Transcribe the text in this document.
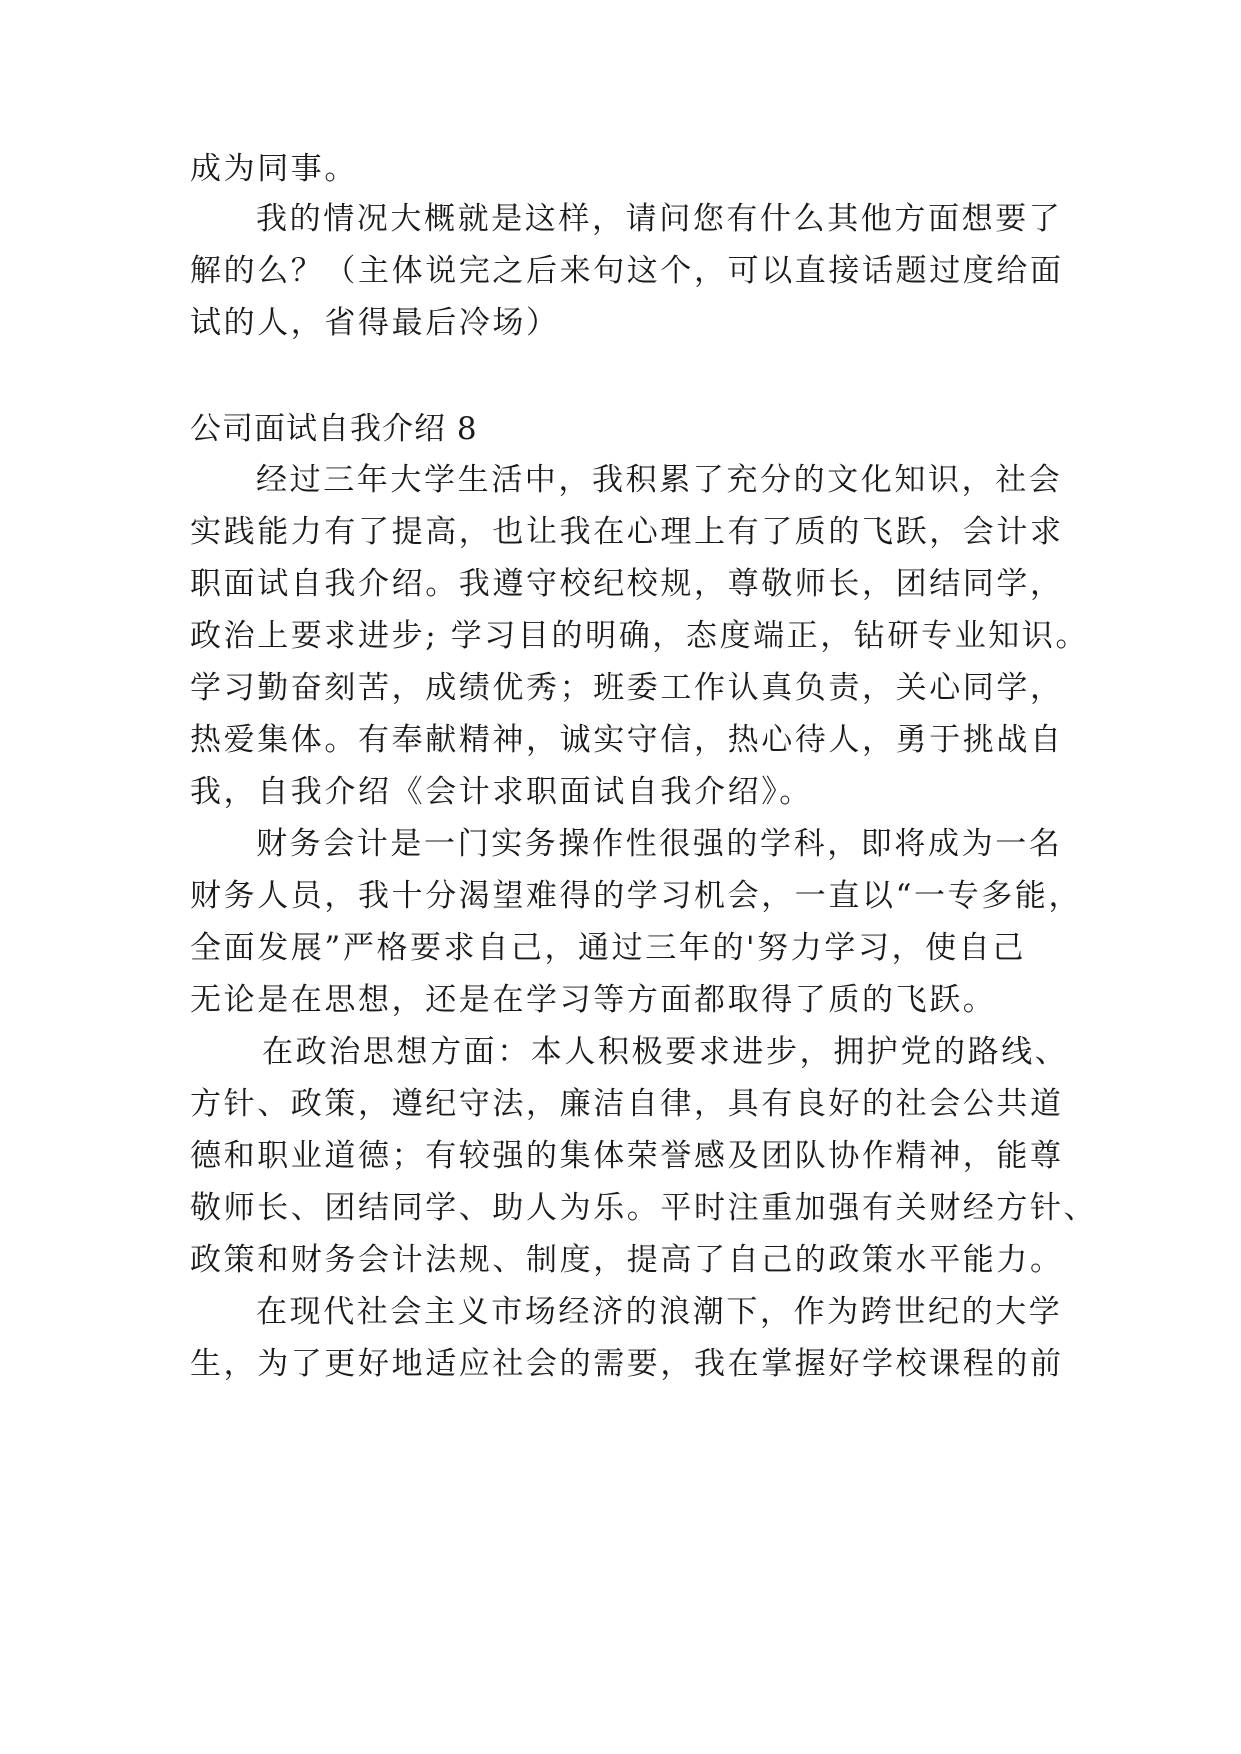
成为同事。
我的情况大概就是这样，请问您有什么其他方面想要了
解的么？（主体说完之后来句这个，可以直接话题过度给面
试的人，省得最后冷场）
公司面试自我介绍 8
经过三年大学生活中，我积累了充分的文化知识，社会
实践能力有了提高，也让我在心理上有了质的飞跃，会计求
职面试自我介绍。我遵守校纪校规，尊敬师长，团结同学，
政治上要求进步; 学习目的明确，态度端正，钻研专业知识。
学习勤奋刻苦，成绩优秀；班委工作认真负责，关心同学，
热爱集体。有奉献精神，诚实守信，热心待人，勇于挑战自
我，自我介绍《会计求职面试自我介绍》。
财务会计是一门实务操作性很强的学科，即将成为一名
财务人员，我十分渴望难得的学习机会，一直以“一专多能，
全面发展”严格要求自己，通过三年的'努力学习，使自己
无论是在思想，还是在学习等方面都取得了质的飞跃。
在政治思想方面：本人积极要求进步，拥护党的路线、
方针、政策，遵纪守法，廉洁自律，具有良好的社会公共道
德和职业道德；有较强的集体荣誉感及团队协作精神，能尊
敬师长、团结同学、助人为乐。平时注重加强有关财经方针、
政策和财务会计法规、制度，提高了自己的政策水平能力。
在现代社会主义市场经济的浪潮下，作为跨世纪的大学
生，为了更好地适应社会的需要，我在掌握好学校课程的前
